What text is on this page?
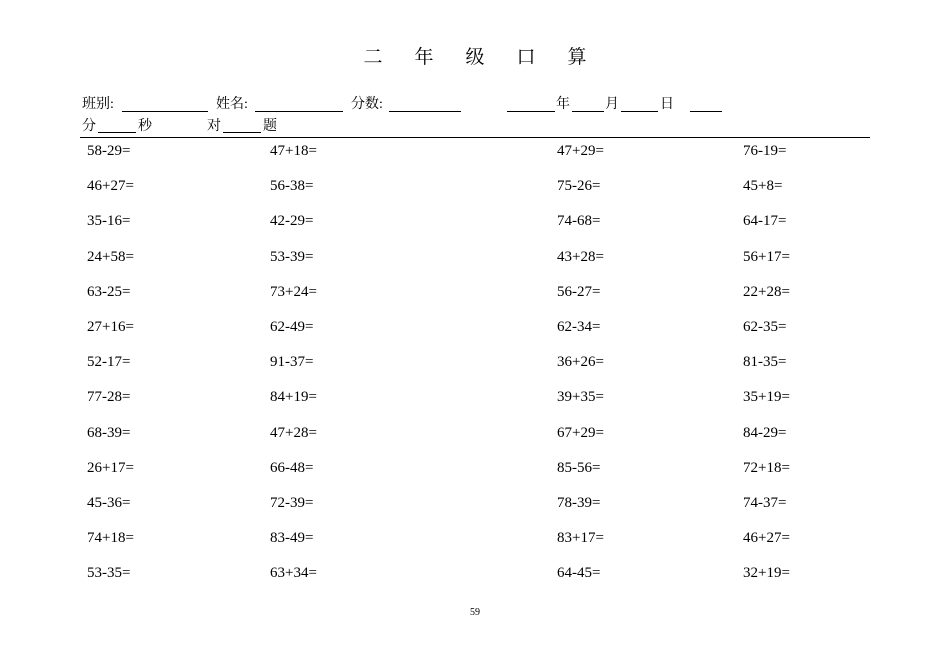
二 年 级 口 算
班别:	姓名:	分数:	年	月	日
分	秒	对	题
58-29=	47+18=	47+29=	76-19=
46+27=	56-38=	75-26=	45+8=
35-16=	42-29=	74-68=	64-17=
24+58=	53-39=	43+28=	56+17=
63-25=	73+24=	56-27=	22+28=
27+16=	62-49=	62-34=	62-35=
52-17=	91-37=	36+26=	81-35=
77-28=	84+19=	39+35=	35+19=
68-39=	47+28=	67+29=	84-29=
26+17=	66-48=	85-56=	72+18=
45-36=	72-39=	78-39=	74-37=
74+18=	83-49=	83+17=	46+27=
53-35=	63+34=	64-45=	32+19=
59
